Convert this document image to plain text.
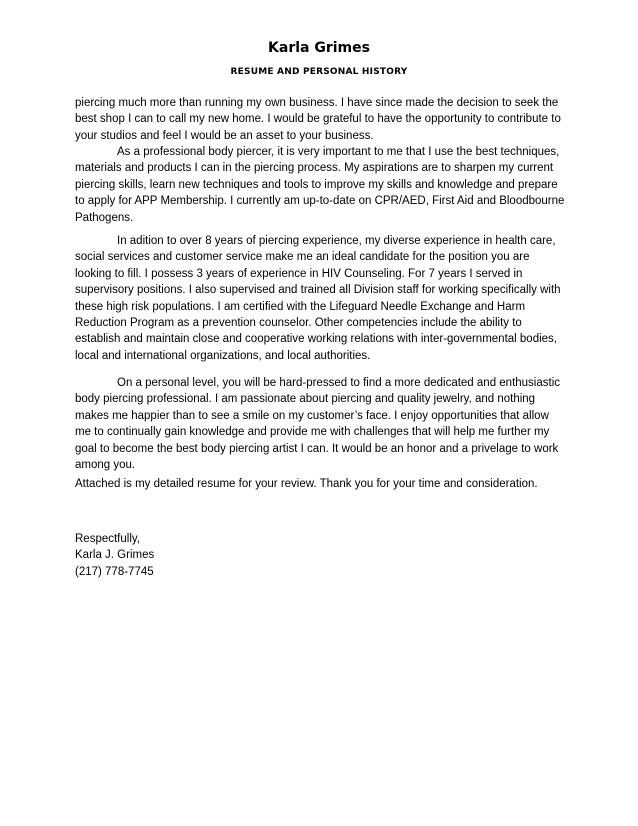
Karla Grimes
RESUME AND PERSONAL HISTORY

piercing much more than running my own business. I have since made the decision to seek the best shop I can to call my new home. I would be grateful to have the opportunity to contribute to your studios and feel I would be an asset to your business.

As a professional body piercer, it is very important to me that I use the best techniques, materials and products I can in the piercing process. My aspirations are to sharpen my current piercing skills, learn new techniques and tools to improve my skills and knowledge and prepare to apply for APP Membership. I currently am up-to-date on CPR/AED, First Aid and Bloodbourne Pathogens.

In adition to over 8 years of piercing experience, my diverse experience in health care, social services and customer service make me an ideal candidate for the position you are looking to fill. I possess 3 years of experience in HIV Counseling. For 7 years I served in supervisory positions. I also supervised and trained all Division staff for working specifically with these high risk populations. I am certified with the Lifeguard Needle Exchange and Harm Reduction Program as a prevention counselor. Other competencies include the ability to establish and maintain close and cooperative working relations with inter-governmental bodies, local and international organizations, and local authorities.

On a personal level, you will be hard-pressed to find a more dedicated and enthusiastic body piercing professional. I am passionate about piercing and quality jewelry, and nothing makes me happier than to see a smile on my customer’s face. I enjoy opportunities that allow me to continually gain knowledge and provide me with challenges that will help me further my goal to become the best body piercing artist I can. It would be an honor and a privelage to work among you.

Attached is my detailed resume for your review. Thank you for your time and consideration.

Respectfully,
Karla J. Grimes
(217) 778-7745
